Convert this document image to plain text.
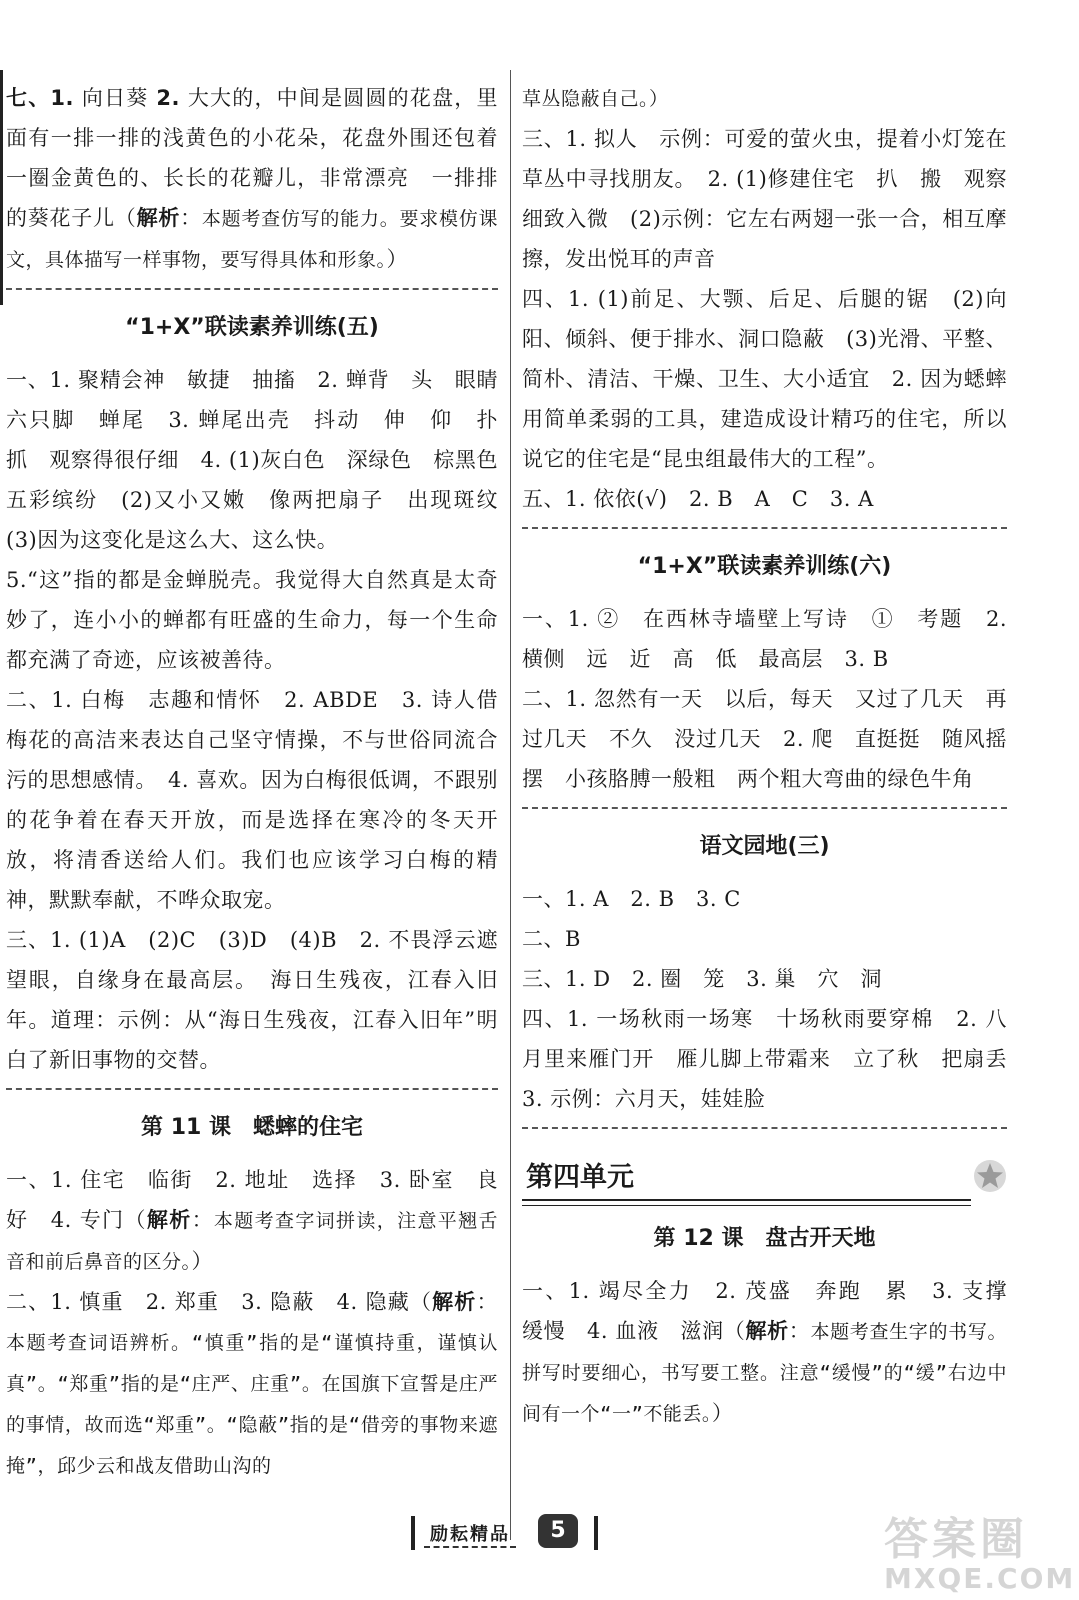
七、1. 向日葵 2. 大大的，中间是圆圆的花盘，里面有一排一排的浅黄色的小花朵，花盘外围还包着一圈金黄色的、长长的花瓣儿，非常漂亮　一排排的葵花子儿（解析：本题考查仿写的能力。要求模仿课文，具体描写一样事物，要写得具体和形象。）

“1+X”联读素养训练(五)

一、1. 聚精会神　敏捷　抽搐　2. 蝉背　头　眼睛　六只脚　蝉尾　3. 蝉尾出壳　抖动　伸　仰　扑　抓　观察得很仔细　4. (1)灰白色　深绿色　棕黑色　五彩缤纷　(2)又小又嫩　像两把扇子　出现斑纹　(3)因为这变化是这么大、这么快。

5.“这”指的都是金蝉脱壳。我觉得大自然真是太奇妙了，连小小的蝉都有旺盛的生命力，每一个生命都充满了奇迹，应该被善待。

二、1. 白梅　志趣和情怀　2. ABDE　3. 诗人借梅花的高洁来表达自己坚守情操，不与世俗同流合污的思想感情。　4. 喜欢。因为白梅很低调，不跟别的花争着在春天开放，而是选择在寒冷的冬天开放，将清香送给人们。我们也应该学习白梅的精神，默默奉献，不哗众取宠。

三、1. (1)A　(2)C　(3)D　(4)B　2. 不畏浮云遮望眼，自缘身在最高层。　海日生残夜，江春入旧年。道理：示例：从“海日生残夜，江春入旧年”明白了新旧事物的交替。

第 11 课　蟋蟀的住宅

一、1. 住宅　临街　2. 地址　选择　3. 卧室　良好　4. 专门（解析：本题考查字词拼读，注意平翘舌音和前后鼻音的区分。）

二、1. 慎重　2. 郑重　3. 隐蔽　4. 隐藏（解析：本题考查词语辨析。“慎重”指的是“谨慎持重，谨慎认真”。“郑重”指的是“庄严、庄重”。在国旗下宣誓是庄严的事情，故而选“郑重”。“隐蔽”指的是“借旁的事物来遮掩”，邱少云和战友借助山沟的

草丛隐蔽自己。）

三、1. 拟人　示例：可爱的萤火虫，提着小灯笼在草丛中寻找朋友。　2. (1)修建住宅　扒　搬　观察细致入微　(2)示例：它左右两翅一张一合，相互摩擦，发出悦耳的声音

四、1. (1)前足、大颚、后足、后腿的锯　(2)向阳、倾斜、便于排水、洞口隐蔽　(3)光滑、平整、简朴、清洁、干燥、卫生、大小适宜　2. 因为蟋蟀用简单柔弱的工具，建造成设计精巧的住宅，所以说它的住宅是“昆虫组最伟大的工程”。

五、1. 依依(√)　2. B　A　C　3. A

“1+X”联读素养训练(六)

一、1. ②　在西林寺墙壁上写诗　①　考题　2. 横侧　远　近　高　低　最高层　3. B

二、1. 忽然有一天　以后，每天　又过了几天　再过几天　不久　没过几天　2. 爬　直挺挺　随风摇摆　小孩胳膊一般粗　两个粗大弯曲的绿色牛角

语文园地(三)

一、1. A　2. B　3. C

二、B

三、1. D　2. 圈　笼　3. 巢　穴　洞

四、1. 一场秋雨一场寒　十场秋雨要穿棉　2. 八月里来雁门开　雁儿脚上带霜来　立了秋　把扇丢　3. 示例：六月天，娃娃脸

第四单元
第 12 课　盘古开天地

一、1. 竭尽全力　2. 茂盛　奔跑　累　3. 支撑　缓慢　4. 血液　滋润（解析：本题考查生字的书写。拼写时要细心，书写要工整。注意“缓慢”的“缓”右边中间有一个“一”不能丢。）

励耘精品	5	答案圈
MXQE.COM
